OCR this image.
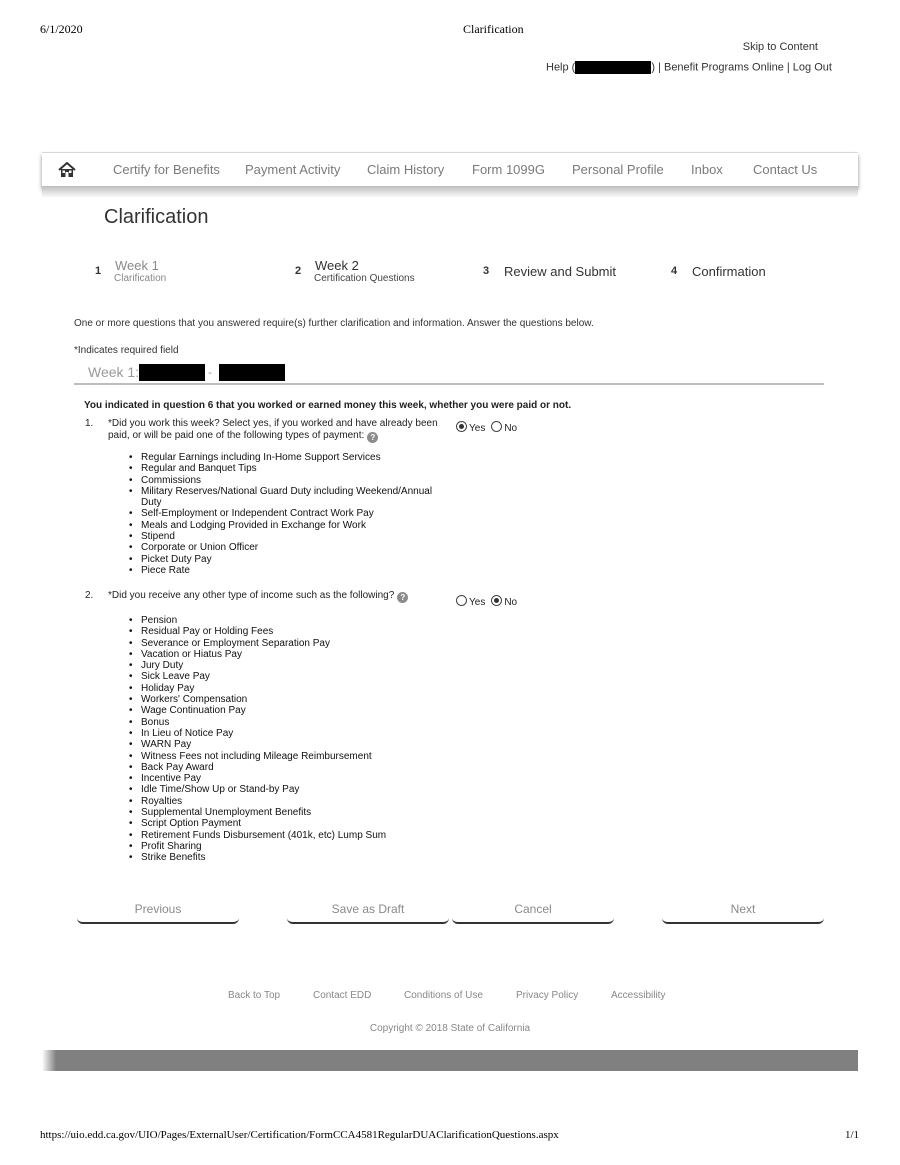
6/1/2020	Clarification
Skip to Content
Help (	) | Benefit Programs Online | Log Out
Certify for Benefits Payment Activity Claim History Form 1099G Personal Profile Inbox Contact Us
Clarification
1 Week 1
Clarification
2 Week 2
Certification Questions
3 Review and Submit	4 Confirmation
One or more questions that you answered require(s) further clarification and information. Answer the questions below.
*Indicates required field
Week 1:	-
You indicated in question 6 that you worked or earned money this week, whether you were paid or not.
1. *Did you work this week? Select yes, if you worked and have already been
paid, or will be paid one of the following types of payment: ?
Yes No
• Regular Earnings including In-Home Support Services
• Regular and Banquet Tips
• Commissions
• Military Reserves/National Guard Duty including Weekend/Annual
Duty
• Self-Employment or Independent Contract Work Pay
• Meals and Lodging Provided in Exchange for Work
• Stipend
• Corporate or Union Officer
• Picket Duty Pay
• Piece Rate
2. *Did you receive any other type of income such as the following? ?	Yes No
• Pension
• Residual Pay or Holding Fees
• Severance or Employment Separation Pay
• Vacation or Hiatus Pay
• Jury Duty
• Sick Leave Pay
• Holiday Pay
• Workers' Compensation
• Wage Continuation Pay
• Bonus
• In Lieu of Notice Pay
• WARN Pay
• Witness Fees not including Mileage Reimbursement
• Back Pay Award
• Incentive Pay
• Idle Time/Show Up or Stand-by Pay
• Royalties
• Supplemental Unemployment Benefits
• Script Option Payment
• Retirement Funds Disbursement (401k, etc) Lump Sum
• Profit Sharing
• Strike Benefits
Previous	Save as Draft	Cancel	Next
Back to Top	Contact EDD	Conditions of Use	Privacy Policy	Accessibility
Copyright © 2018 State of California
https://uio.edd.ca.gov/UIO/Pages/ExternalUser/Certification/FormCCA4581RegularDUAClarificationQuestions.aspx	1/1
